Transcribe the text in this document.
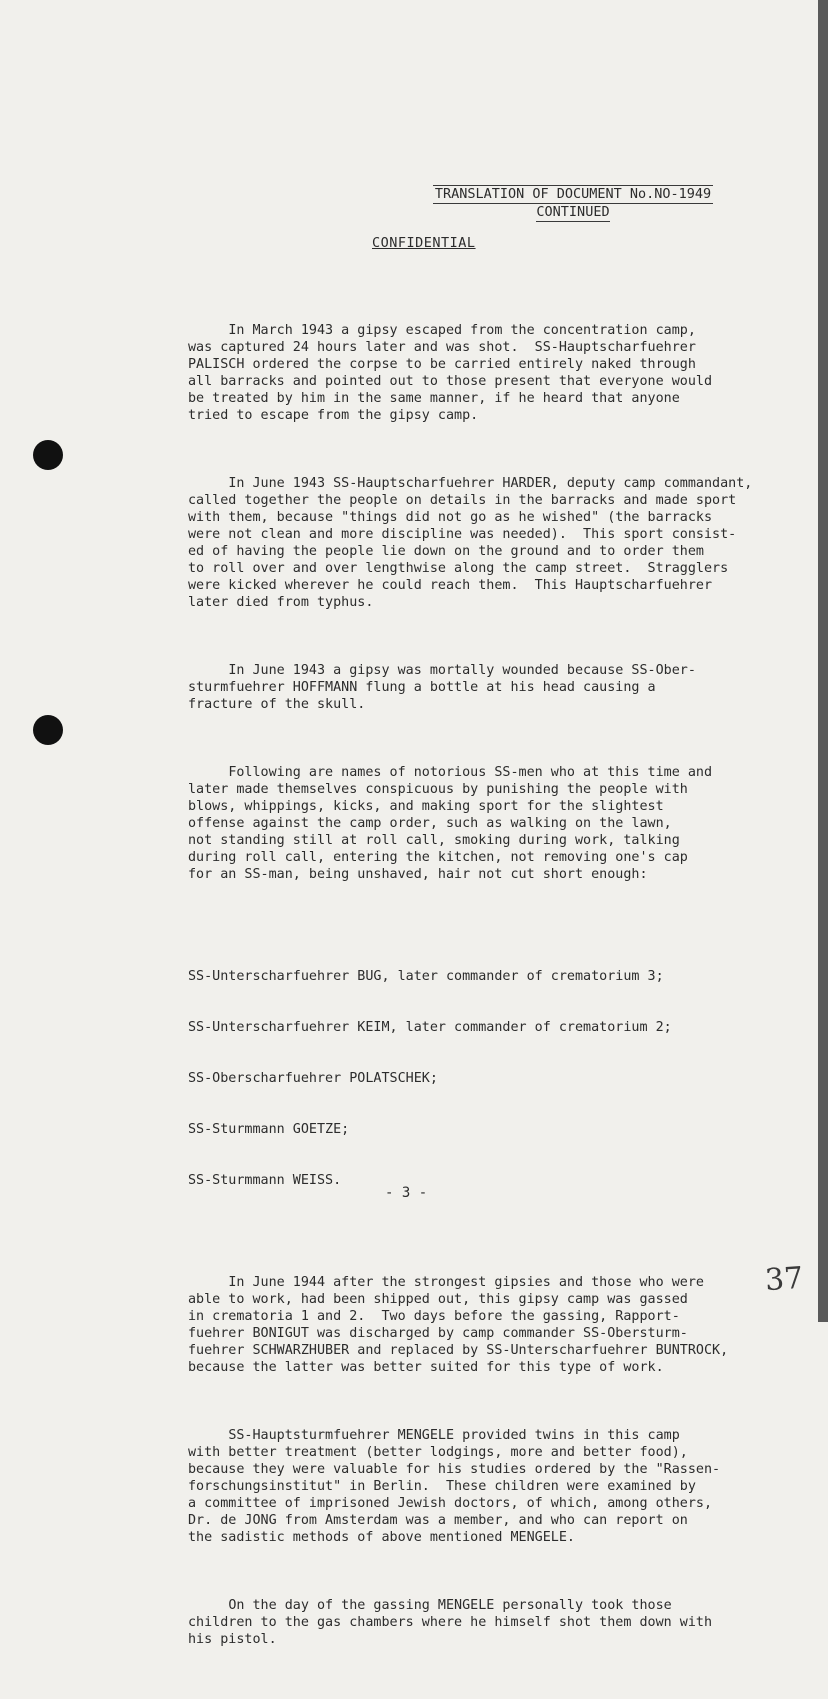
TRANSLATION OF DOCUMENT No.NO-1949
CONTINUED
CONFIDENTIAL

In March 1943 a gipsy escaped from the concentration camp,
was captured 24 hours later and was shot.  SS-Hauptscharfuehrer
PALISCH ordered the corpse to be carried entirely naked through
all barracks and pointed out to those present that everyone would
be treated by him in the same manner, if he heard that anyone
tried to escape from the gipsy camp.

In June 1943 SS-Hauptscharfuehrer HARDER, deputy camp commandant,
called together the people on details in the barracks and made sport
with them, because "things did not go as he wished" (the barracks
were not clean and more discipline was needed).  This sport consist-
ed of having the people lie down on the ground and to order them
to roll over and over lengthwise along the camp street.  Stragglers
were kicked wherever he could reach them.  This Hauptscharfuehrer
later died from typhus.

In June 1943 a gipsy was mortally wounded because SS-Ober-
sturmfuehrer HOFFMANN flung a bottle at his head causing a
fracture of the skull.

Following are names of notorious SS-men who at this time and
later made themselves conspicuous by punishing the people with
blows, whippings, kicks, and making sport for the slightest
offense against the camp order, such as walking on the lawn,
not standing still at roll call, smoking during work, talking
during roll call, entering the kitchen, not removing one's cap
for an SS-man, being unshaved, hair not cut short enough:

SS-Unterscharfuehrer BUG, later commander of crematorium 3;

SS-Unterscharfuehrer KEIM, later commander of crematorium 2;

SS-Oberscharfuehrer POLATSCHEK;

SS-Sturmmann GOETZE;

SS-Sturmmann WEISS.

In June 1944 after the strongest gipsies and those who were
able to work, had been shipped out, this gipsy camp was gassed
in crematoria 1 and 2.  Two days before the gassing, Rapport-
fuehrer BONIGUT was discharged by camp commander SS-Obersturm-
fuehrer SCHWARZHUBER and replaced by SS-Unterscharfuehrer BUNTROCK,
because the latter was better suited for this type of work.

SS-Hauptsturmfuehrer MENGELE provided twins in this camp
with better treatment (better lodgings, more and better food),
because they were valuable for his studies ordered by the "Rassen-
forschungsinstitut" in Berlin.  These children were examined by
a committee of imprisoned Jewish doctors, of which, among others,
Dr. de JONG from Amsterdam was a member, and who can report on
the sadistic methods of above mentioned MENGELE.

On the day of the gassing MENGELE personally took those
children to the gas chambers where he himself shot them down with
his pistol.

- 3 -
37
